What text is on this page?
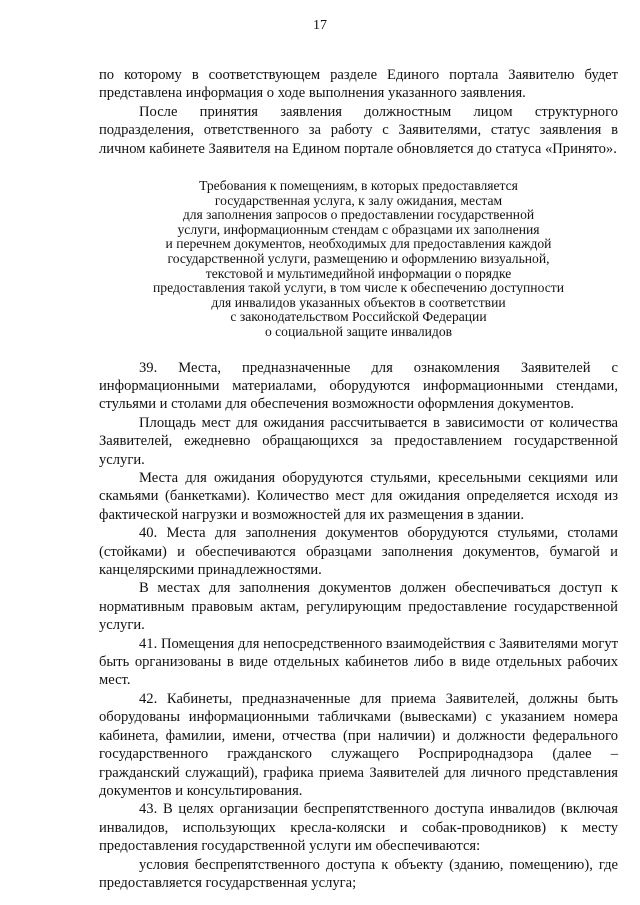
17

по которому в соответствующем разделе Единого портала Заявителю будет представлена информация о ходе выполнения указанного заявления.

После принятия заявления должностным лицом структурного подразделения, ответственного за работу с Заявителями, статус заявления в личном кабинете Заявителя на Едином портале обновляется до статуса «Принято».

Требования к помещениям, в которых предоставляется
государственная услуга, к залу ожидания, местам
для заполнения запросов о предоставлении государственной
услуги, информационным стендам с образцами их заполнения
и перечнем документов, необходимых для предоставления каждой
государственной услуги, размещению и оформлению визуальной,
текстовой и мультимедийной информации о порядке
предоставления такой услуги, в том числе к обеспечению доступности
для инвалидов указанных объектов в соответствии
с законодательством Российской Федерации
о социальной защите инвалидов

39. Места, предназначенные для ознакомления Заявителей с информационными материалами, оборудуются информационными стендами, стульями и столами для обеспечения возможности оформления документов.

Площадь мест для ожидания рассчитывается в зависимости от количества Заявителей, ежедневно обращающихся за предоставлением государственной услуги.

Места для ожидания оборудуются стульями, кресельными секциями или скамьями (банкетками). Количество мест для ожидания определяется исходя из фактической нагрузки и возможностей для их размещения в здании.

40. Места для заполнения документов оборудуются стульями, столами (стойками) и обеспечиваются образцами заполнения документов, бумагой и канцелярскими принадлежностями.

В местах для заполнения документов должен обеспечиваться доступ к нормативным правовым актам, регулирующим предоставление государственной услуги.

41. Помещения для непосредственного взаимодействия с Заявителями могут быть организованы в виде отдельных кабинетов либо в виде отдельных рабочих мест.

42. Кабинеты, предназначенные для приема Заявителей, должны быть оборудованы информационными табличками (вывесками) с указанием номера кабинета, фамилии, имени, отчества (при наличии) и должности федерального государственного гражданского служащего Росприроднадзора (далее – гражданский служащий), графика приема Заявителей для личного представления документов и консультирования.

43. В целях организации беспрепятственного доступа инвалидов (включая инвалидов, использующих кресла-коляски и собак-проводников) к месту предоставления государственной услуги им обеспечиваются:

условия беспрепятственного доступа к объекту (зданию, помещению), где предоставляется государственная услуга;
